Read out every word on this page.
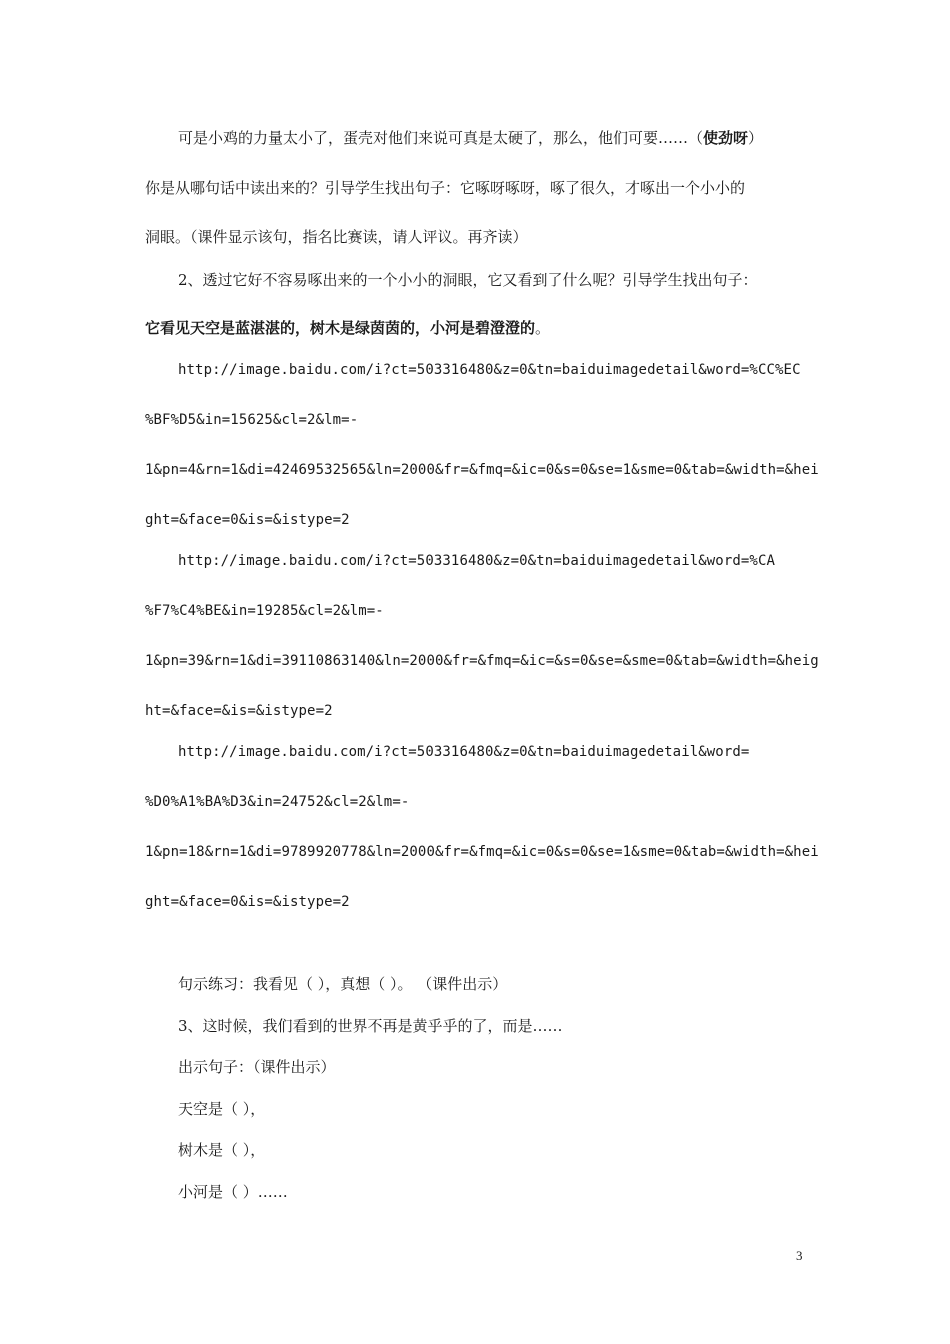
可是小鸡的力量太小了，蛋壳对他们来说可真是太硬了，那么，他们可要……（使劲呀）
你是从哪句话中读出来的？引导学生找出句子：它啄呀啄呀，啄了很久，才啄出一个小小的
洞眼。（课件显示该句，指名比赛读，请人评议。再齐读）
2、透过它好不容易啄出来的一个小小的洞眼，它又看到了什么呢？引导学生找出句子：
它看见天空是蓝湛湛的，树木是绿茵茵的，小河是碧澄澄的。
http://image.baidu.com/i?ct=503316480&z=0&tn=baiduimagedetail&word=%CC%EC
%BF%D5&in=15625&cl=2&lm=-
1&pn=4&rn=1&di=42469532565&ln=2000&fr=&fmq=&ic=0&s=0&se=1&sme=0&tab=&width=&hei
ght=&face=0&is=&istype=2
http://image.baidu.com/i?ct=503316480&z=0&tn=baiduimagedetail&word=%CA
%F7%C4%BE&in=19285&cl=2&lm=-
1&pn=39&rn=1&di=39110863140&ln=2000&fr=&fmq=&ic=&s=0&se=&sme=0&tab=&width=&heig
ht=&face=&is=&istype=2
http://image.baidu.com/i?ct=503316480&z=0&tn=baiduimagedetail&word=
%D0%A1%BA%D3&in=24752&cl=2&lm=-
1&pn=18&rn=1&di=9789920778&ln=2000&fr=&fmq=&ic=0&s=0&se=1&sme=0&tab=&width=&hei
ght=&face=0&is=&istype=2
句示练习：我看见（ ），真想（ ）。 （课件出示）
3、这时候，我们看到的世界不再是黄乎乎的了，而是……
出示句子：（课件出示）
天空是（ ），
树木是（ ），
小河是（ ）……
3
